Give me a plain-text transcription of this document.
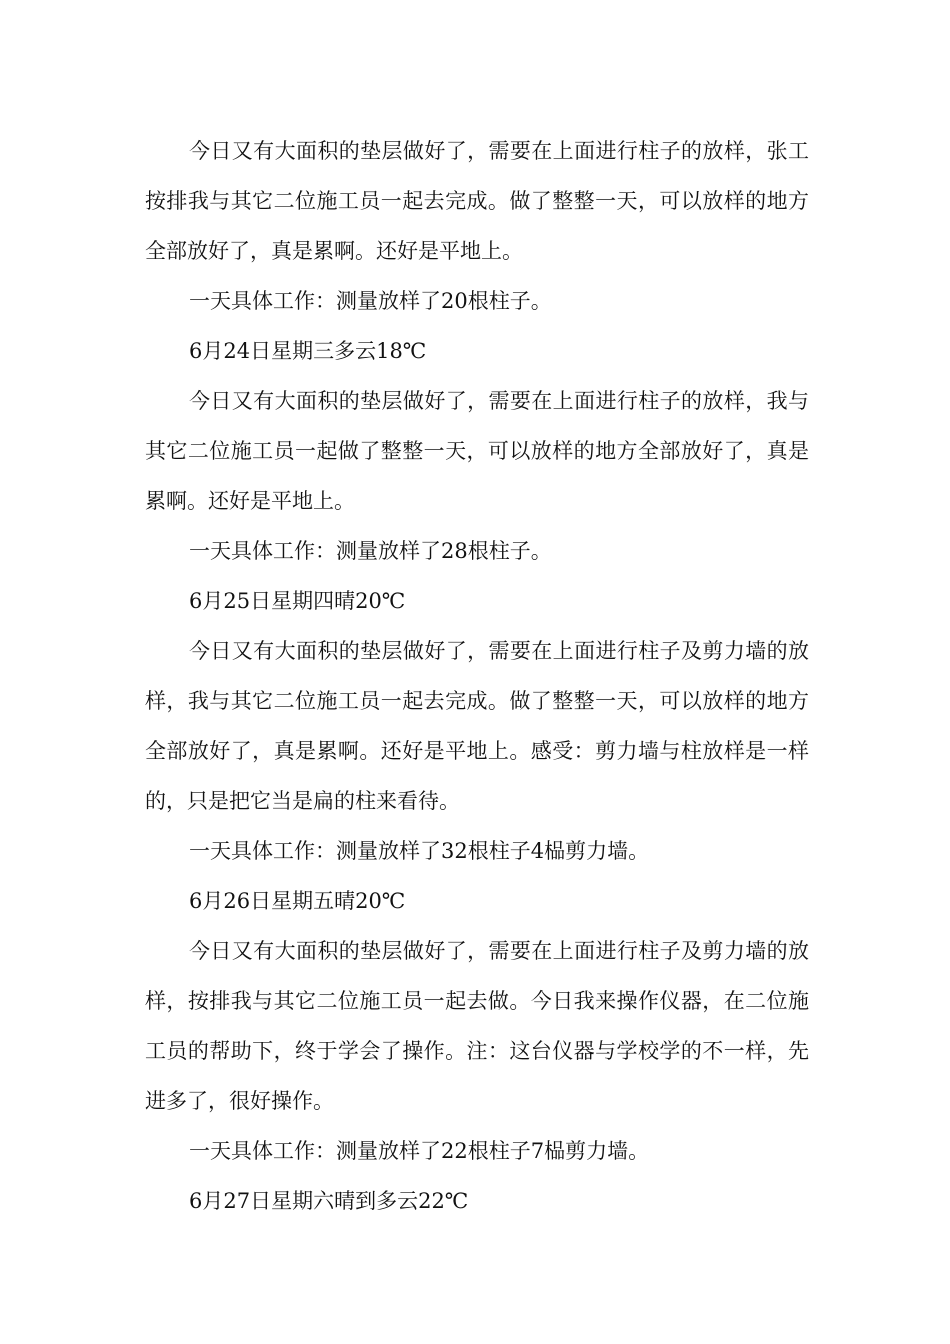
今日又有大面积的垫层做好了，需要在上面进行柱子的放样，张工按排我与其它二位施工员一起去完成。做了整整一天，可以放样的地方全部放好了，真是累啊。还好是平地上。

一天具体工作：测量放样了20根柱子。

6月24日星期三多云18℃

今日又有大面积的垫层做好了，需要在上面进行柱子的放样，我与其它二位施工员一起做了整整一天，可以放样的地方全部放好了，真是累啊。还好是平地上。

一天具体工作：测量放样了28根柱子。

6月25日星期四晴20℃

今日又有大面积的垫层做好了，需要在上面进行柱子及剪力墙的放样，我与其它二位施工员一起去完成。做了整整一天，可以放样的地方全部放好了，真是累啊。还好是平地上。感受：剪力墙与柱放样是一样的，只是把它当是扁的柱来看待。

一天具体工作：测量放样了32根柱子4榀剪力墙。

6月26日星期五晴20℃

今日又有大面积的垫层做好了，需要在上面进行柱子及剪力墙的放样，按排我与其它二位施工员一起去做。今日我来操作仪器，在二位施工员的帮助下，终于学会了操作。注：这台仪器与学校学的不一样，先进多了，很好操作。

一天具体工作：测量放样了22根柱子7榀剪力墙。

6月27日星期六晴到多云22℃
